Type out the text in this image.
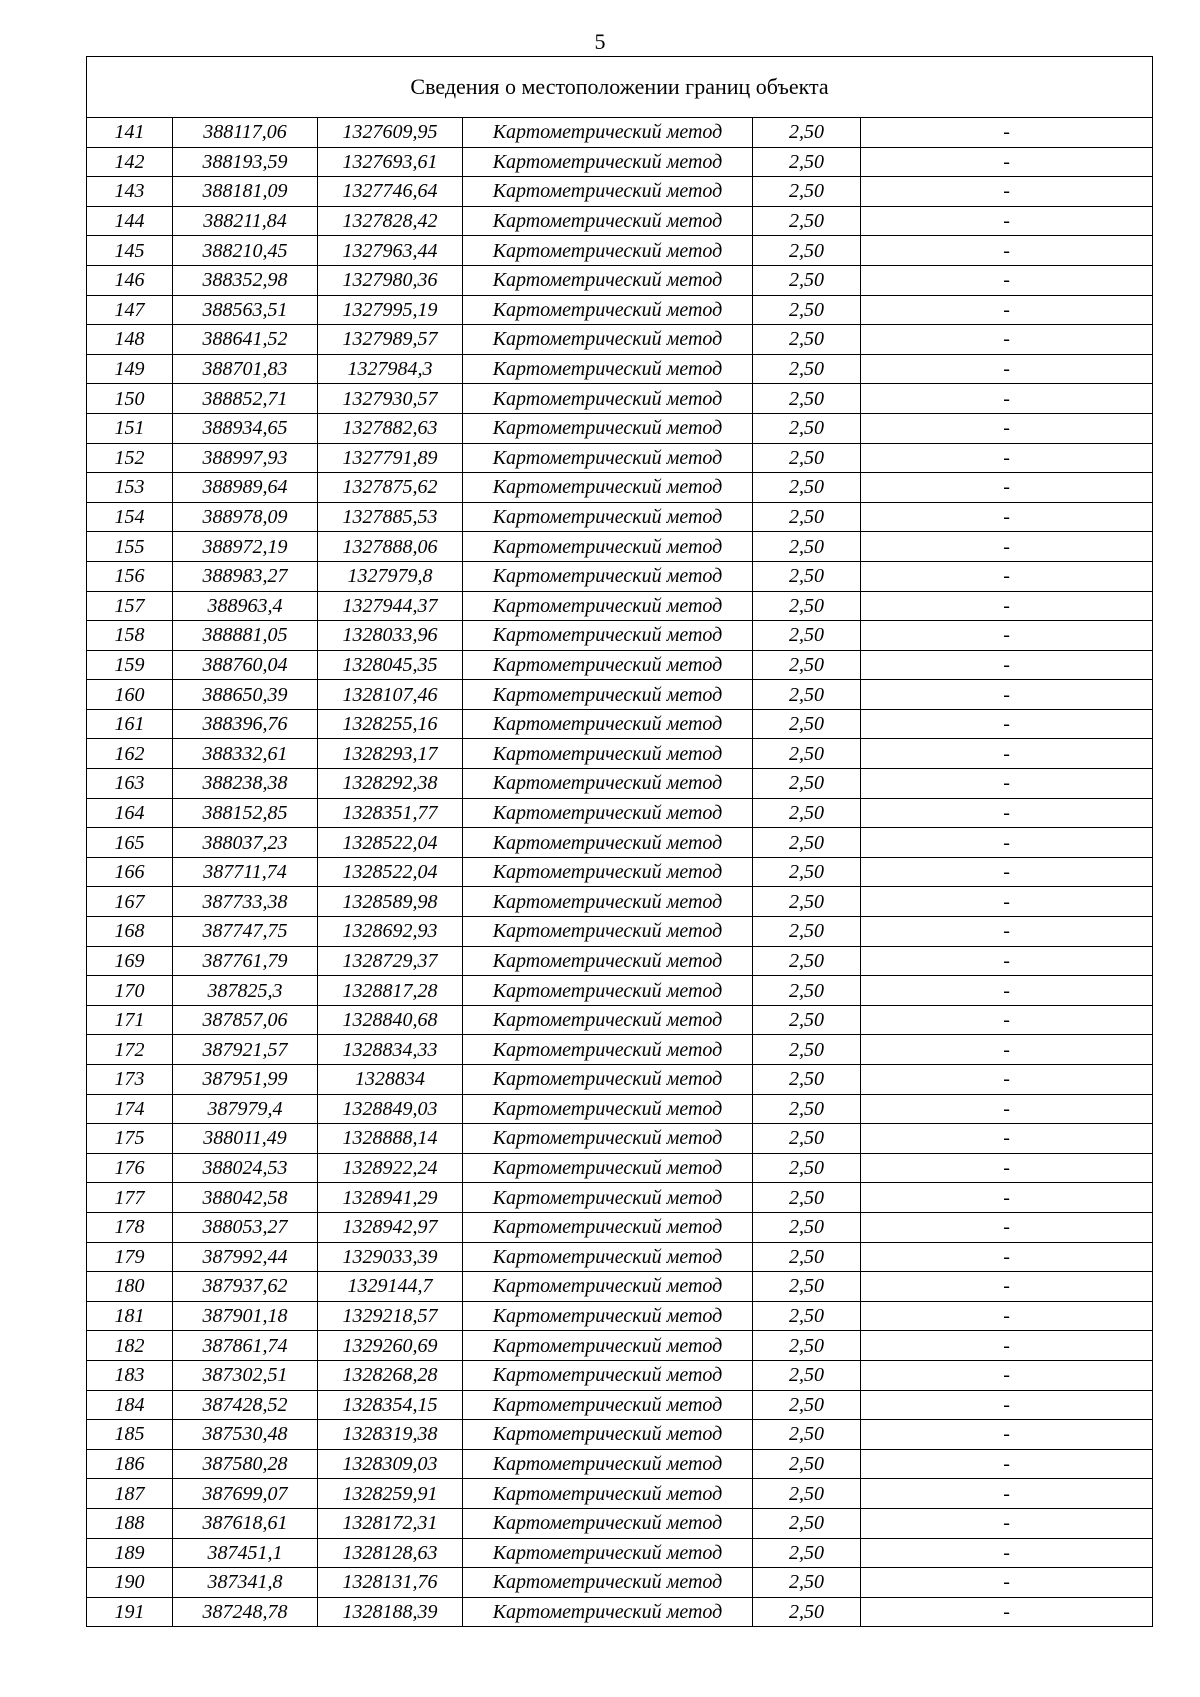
5
Сведения о местоположении границ объекта					
141	388117,06	1327609,95	Картометрический метод	2,50	-
142	388193,59	1327693,61	Картометрический метод	2,50	-
143	388181,09	1327746,64	Картометрический метод	2,50	-
144	388211,84	1327828,42	Картометрический метод	2,50	-
145	388210,45	1327963,44	Картометрический метод	2,50	-
146	388352,98	1327980,36	Картометрический метод	2,50	-
147	388563,51	1327995,19	Картометрический метод	2,50	-
148	388641,52	1327989,57	Картометрический метод	2,50	-
149	388701,83	1327984,3	Картометрический метод	2,50	-
150	388852,71	1327930,57	Картометрический метод	2,50	-
151	388934,65	1327882,63	Картометрический метод	2,50	-
152	388997,93	1327791,89	Картометрический метод	2,50	-
153	388989,64	1327875,62	Картометрический метод	2,50	-
154	388978,09	1327885,53	Картометрический метод	2,50	-
155	388972,19	1327888,06	Картометрический метод	2,50	-
156	388983,27	1327979,8	Картометрический метод	2,50	-
157	388963,4	1327944,37	Картометрический метод	2,50	-
158	388881,05	1328033,96	Картометрический метод	2,50	-
159	388760,04	1328045,35	Картометрический метод	2,50	-
160	388650,39	1328107,46	Картометрический метод	2,50	-
161	388396,76	1328255,16	Картометрический метод	2,50	-
162	388332,61	1328293,17	Картометрический метод	2,50	-
163	388238,38	1328292,38	Картометрический метод	2,50	-
164	388152,85	1328351,77	Картометрический метод	2,50	-
165	388037,23	1328522,04	Картометрический метод	2,50	-
166	387711,74	1328522,04	Картометрический метод	2,50	-
167	387733,38	1328589,98	Картометрический метод	2,50	-
168	387747,75	1328692,93	Картометрический метод	2,50	-
169	387761,79	1328729,37	Картометрический метод	2,50	-
170	387825,3	1328817,28	Картометрический метод	2,50	-
171	387857,06	1328840,68	Картометрический метод	2,50	-
172	387921,57	1328834,33	Картометрический метод	2,50	-
173	387951,99	1328834	Картометрический метод	2,50	-
174	387979,4	1328849,03	Картометрический метод	2,50	-
175	388011,49	1328888,14	Картометрический метод	2,50	-
176	388024,53	1328922,24	Картометрический метод	2,50	-
177	388042,58	1328941,29	Картометрический метод	2,50	-
178	388053,27	1328942,97	Картометрический метод	2,50	-
179	387992,44	1329033,39	Картометрический метод	2,50	-
180	387937,62	1329144,7	Картометрический метод	2,50	-
181	387901,18	1329218,57	Картометрический метод	2,50	-
182	387861,74	1329260,69	Картометрический метод	2,50	-
183	387302,51	1328268,28	Картометрический метод	2,50	-
184	387428,52	1328354,15	Картометрический метод	2,50	-
185	387530,48	1328319,38	Картометрический метод	2,50	-
186	387580,28	1328309,03	Картометрический метод	2,50	-
187	387699,07	1328259,91	Картометрический метод	2,50	-
188	387618,61	1328172,31	Картометрический метод	2,50	-
189	387451,1	1328128,63	Картометрический метод	2,50	-
190	387341,8	1328131,76	Картометрический метод	2,50	-
191	387248,78	1328188,39	Картометрический метод	2,50	-
